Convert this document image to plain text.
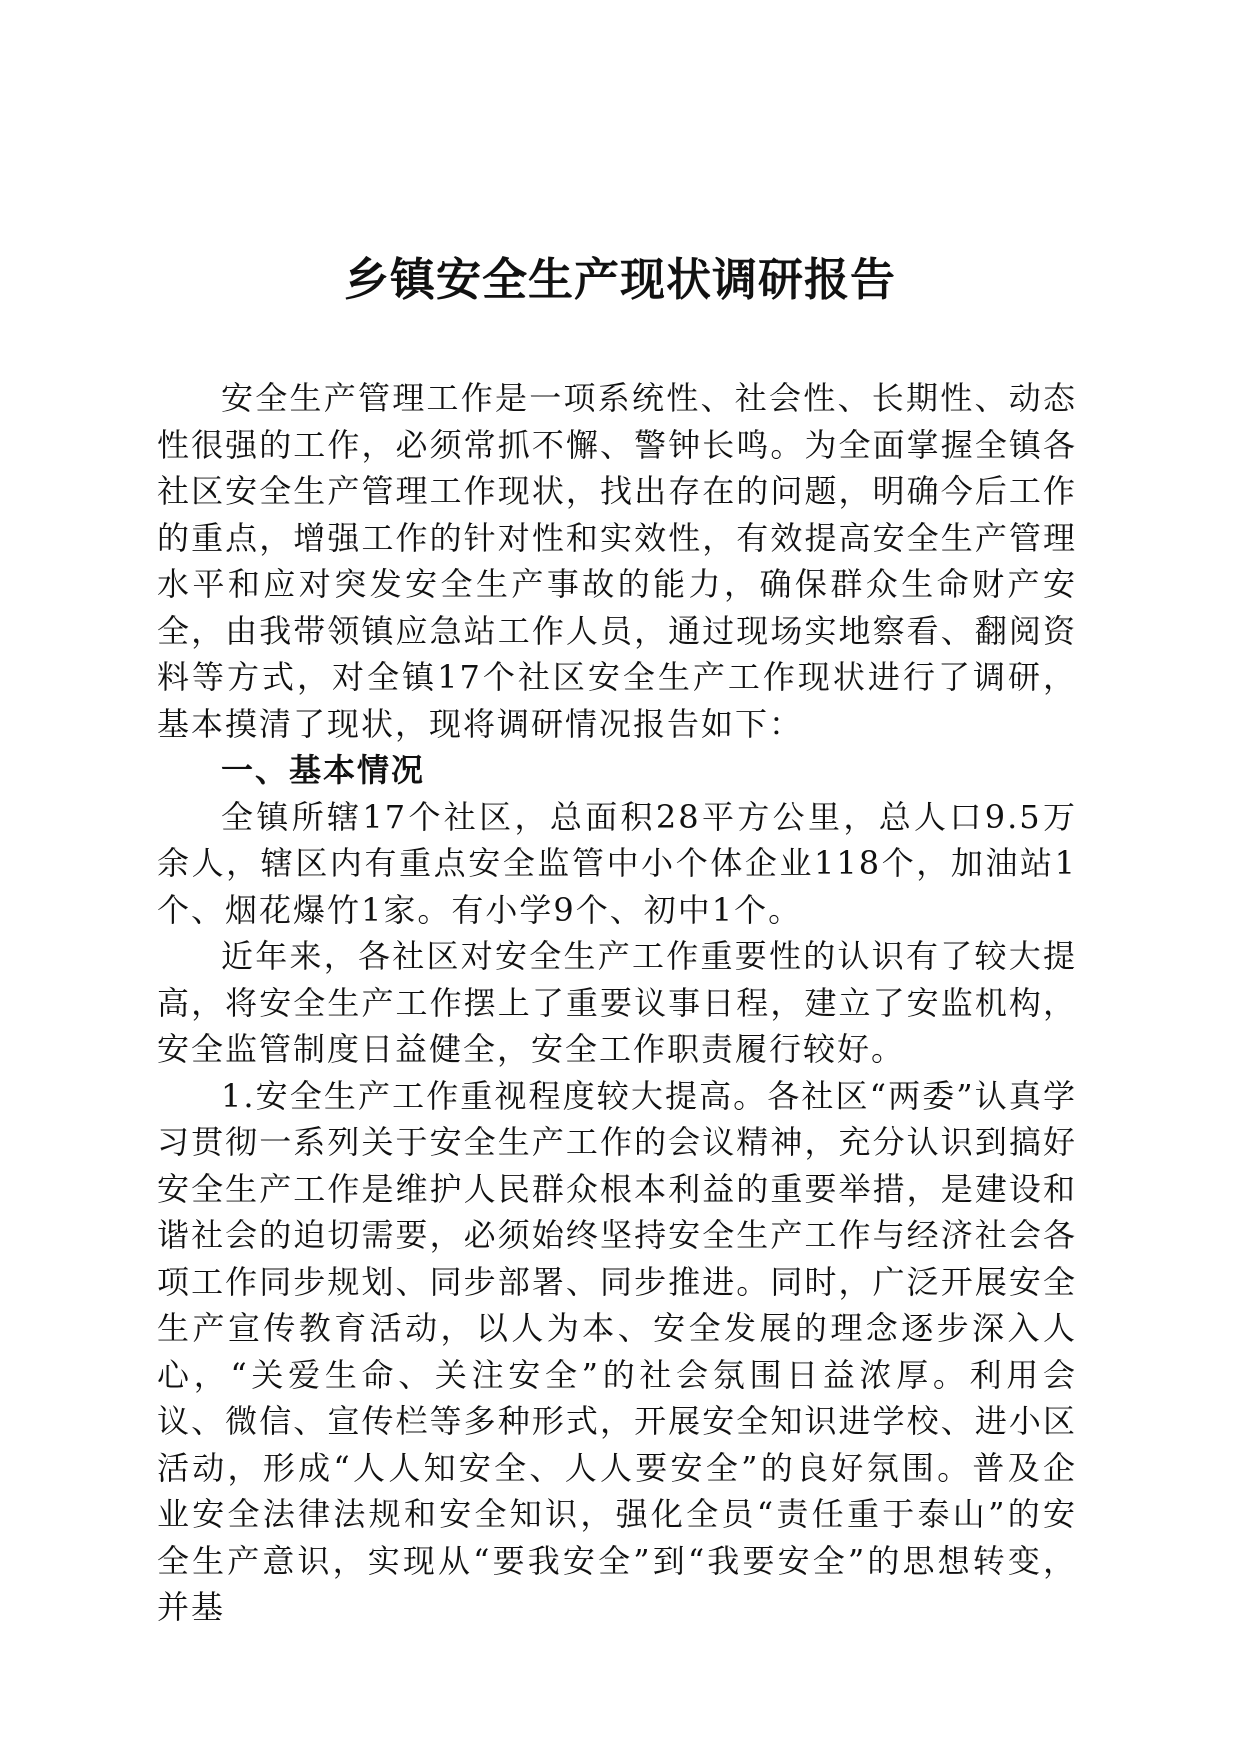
乡镇安全生产现状调研报告

安全生产管理工作是一项系统性、社会性、长期性、动态性很强的工作，必须常抓不懈、警钟长鸣。为全面掌握全镇各社区安全生产管理工作现状，找出存在的问题，明确今后工作的重点，增强工作的针对性和实效性，有效提高安全生产管理水平和应对突发安全生产事故的能力，确保群众生命财产安全，由我带领镇应急站工作人员，通过现场实地察看、翻阅资料等方式，对全镇17个社区安全生产工作现状进行了调研，基本摸清了现状，现将调研情况报告如下：

一、基本情况

全镇所辖17个社区，总面积28平方公里，总人口9.5万余人，辖区内有重点安全监管中小个体企业118个，加油站1个、烟花爆竹1家。有小学9个、初中1个。

近年来，各社区对安全生产工作重要性的认识有了较大提高，将安全生产工作摆上了重要议事日程，建立了安监机构，安全监管制度日益健全，安全工作职责履行较好。

1.安全生产工作重视程度较大提高。各社区“两委”认真学习贯彻一系列关于安全生产工作的会议精神，充分认识到搞好安全生产工作是维护人民群众根本利益的重要举措，是建设和谐社会的迫切需要，必须始终坚持安全生产工作与经济社会各项工作同步规划、同步部署、同步推进。同时，广泛开展安全生产宣传教育活动，以人为本、安全发展的理念逐步深入人心，“关爱生命、关注安全”的社会氛围日益浓厚。利用会议、微信、宣传栏等多种形式，开展安全知识进学校、进小区活动，形成“人人知安全、人人要安全”的良好氛围。普及企业安全法律法规和安全知识，强化全员“责任重于泰山”的安全生产意识，实现从“要我安全”到“我要安全”的思想转变，并基
